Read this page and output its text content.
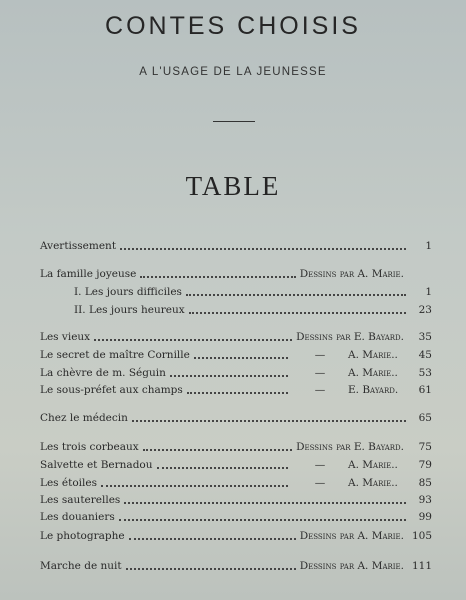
CONTES CHOISIS
A L'USAGE DE LA JEUNESSE
TABLE
Avertissement	1
La famille joyeuse	Dessins par A. Marie.
I. Les jours difficiles	1
II. Les jours heureux	23
Les vieux	Dessins par E. Bayard.	35
Le secret de maître Cornille	—	A. Marie..	45
La chèvre de m. Séguin	—	A. Marie..	53
Le sous-préfet aux champs	—	E. Bayard.	61
Chez le médecin	65
Les trois corbeaux	Dessins par E. Bayard.	75
Salvette et Bernadou	—	A. Marie..	79
Les étoiles	—	A. Marie..	85
Les sauterelles	93
Les douaniers	99
Le photographe	Dessins par A. Marie. 105
Marche de nuit	Dessins par A. Marie. 111
